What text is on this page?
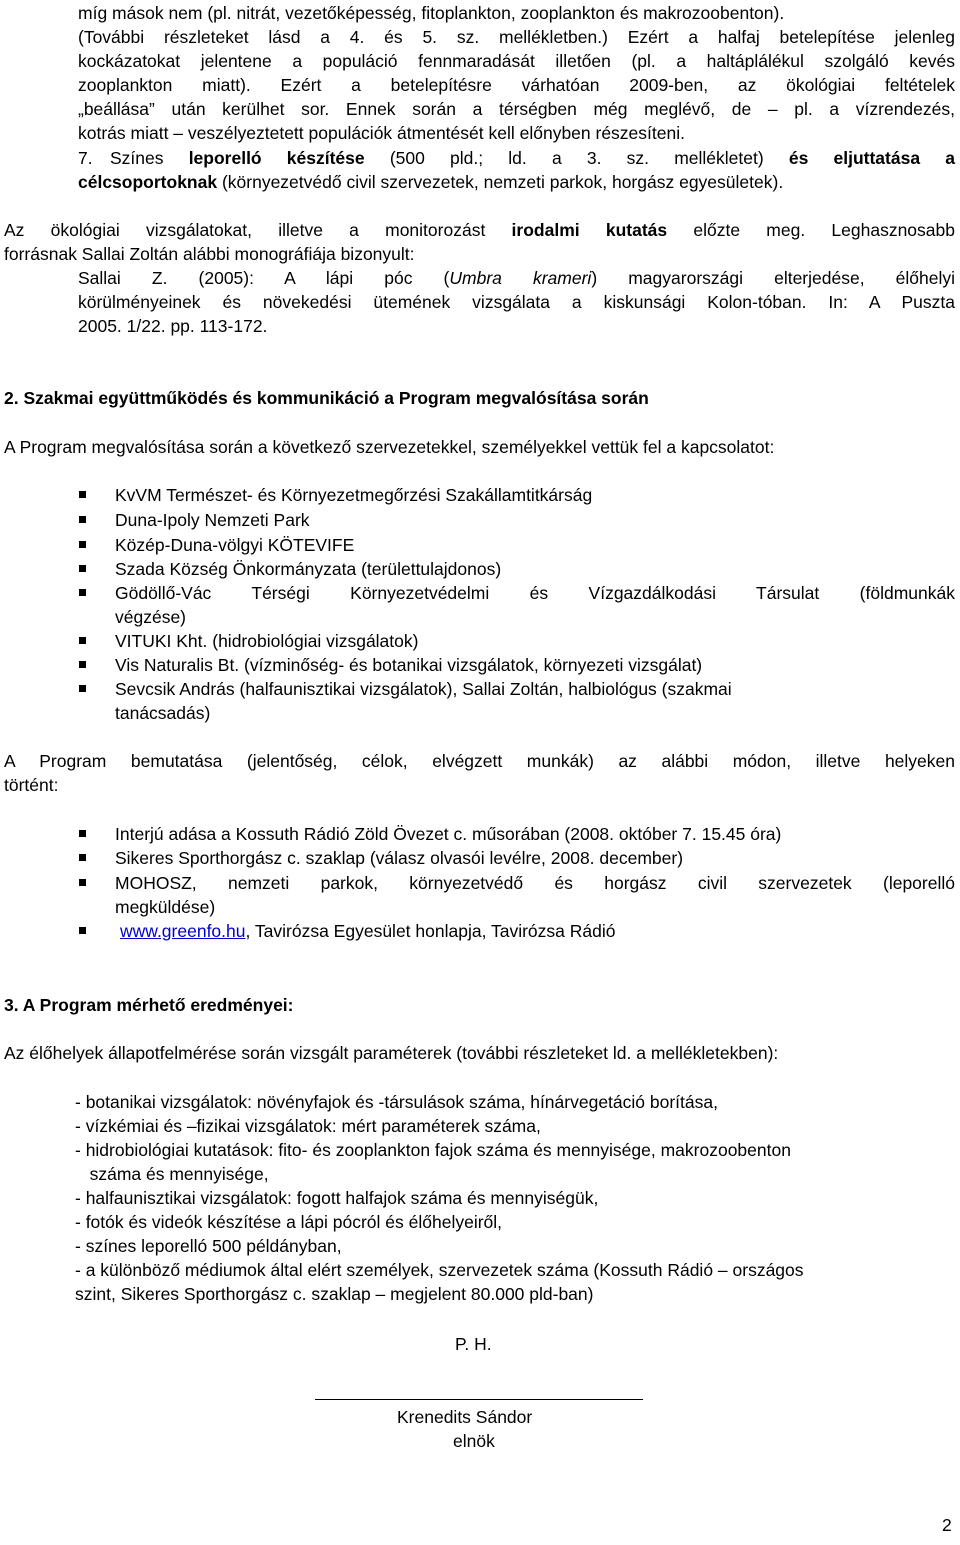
míg mások nem (pl. nitrát, vezetőképesség, fitoplankton, zooplankton és makrozoobenton).
(További részleteket lásd a 4. és 5. sz. mellékletben.) Ezért a halfaj betelepítése jelenleg
kockázatokat jelentene a populáció fennmaradását illetően (pl. a haltáplálékul szolgáló kevés
zooplankton miatt). Ezért a betelepítésre várhatóan 2009-ben, az ökológiai feltételek
„beállása” után kerülhet sor. Ennek során a térségben még meglévő, de – pl. a vízrendezés,
kotrás miatt – veszélyeztetett populációk átmentését kell előnyben részesíteni.
7. Színes leporelló készítése (500 pld.; ld. a 3. sz. mellékletet) és eljuttatása a
célcsoportoknak (környezetvédő civil szervezetek, nemzeti parkok, horgász egyesületek).
Az ökológiai vizsgálatokat, illetve a monitorozást irodalmi kutatás előzte meg. Leghasznosabb
forrásnak Sallai Zoltán alábbi monográfiája bizonyult:
Sallai Z. (2005): A lápi póc (Umbra krameri) magyarországi elterjedése, élőhelyi
körülményeinek és növekedési ütemének vizsgálata a kiskunsági Kolon-tóban. In: A Puszta
2005. 1/22. pp. 113-172.
2. Szakmai együttműködés és kommunikáció a Program megvalósítása során
A Program megvalósítása során a következő szervezetekkel, személyekkel vettük fel a kapcsolatot:
KvVM Természet- és Környezetmegőrzési Szakállamtitkárság
Duna-Ipoly Nemzeti Park
Közép-Duna-völgyi KÖTEVIFE
Szada Község Önkormányzata (területtulajdonos)
Gödöllő-Vác Térségi Környezetvédelmi és Vízgazdálkodási Társulat (földmunkák
végzése)
VITUKI Kht. (hidrobiológiai vizsgálatok)
Vis Naturalis Bt. (vízminőség- és botanikai vizsgálatok, környezeti vizsgálat)
Sevcsik András (halfaunisztikai vizsgálatok), Sallai Zoltán, halbiológus (szakmai
tanácsadás)
A Program bemutatása (jelentőség, célok, elvégzett munkák) az alábbi módon, illetve helyeken
történt:
Interjú adása a Kossuth Rádió Zöld Övezet c. műsorában (2008. október 7. 15.45 óra)
Sikeres Sporthorgász c. szaklap (válasz olvasói levélre, 2008. december)
MOHOSZ, nemzeti parkok, környezetvédő és horgász civil szervezetek (leporelló
megküldése)
www.greenfo.hu, Tavirózsa Egyesület honlapja, Tavirózsa Rádió
3. A Program mérhető eredményei:
Az élőhelyek állapotfelmérése során vizsgált paraméterek (további részleteket ld. a mellékletekben):
- botanikai vizsgálatok: növényfajok és -társulások száma, hínárvegetáció borítása,
- vízkémiai és –fizikai vizsgálatok: mért paraméterek száma,
- hidrobiológiai kutatások: fito- és zooplankton fajok száma és mennyisége, makrozoobenton
száma és mennyisége,
- halfaunisztikai vizsgálatok: fogott halfajok száma és mennyiségük,
- fotók és videók készítése a lápi pócról és élőhelyeiről,
- színes leporelló 500 példányban,
- a különböző médiumok által elért személyek, szervezetek száma (Kossuth Rádió – országos
szint, Sikeres Sporthorgász c. szaklap – megjelent 80.000 pld-ban)
P. H.
Krenedits Sándor
elnök
2
